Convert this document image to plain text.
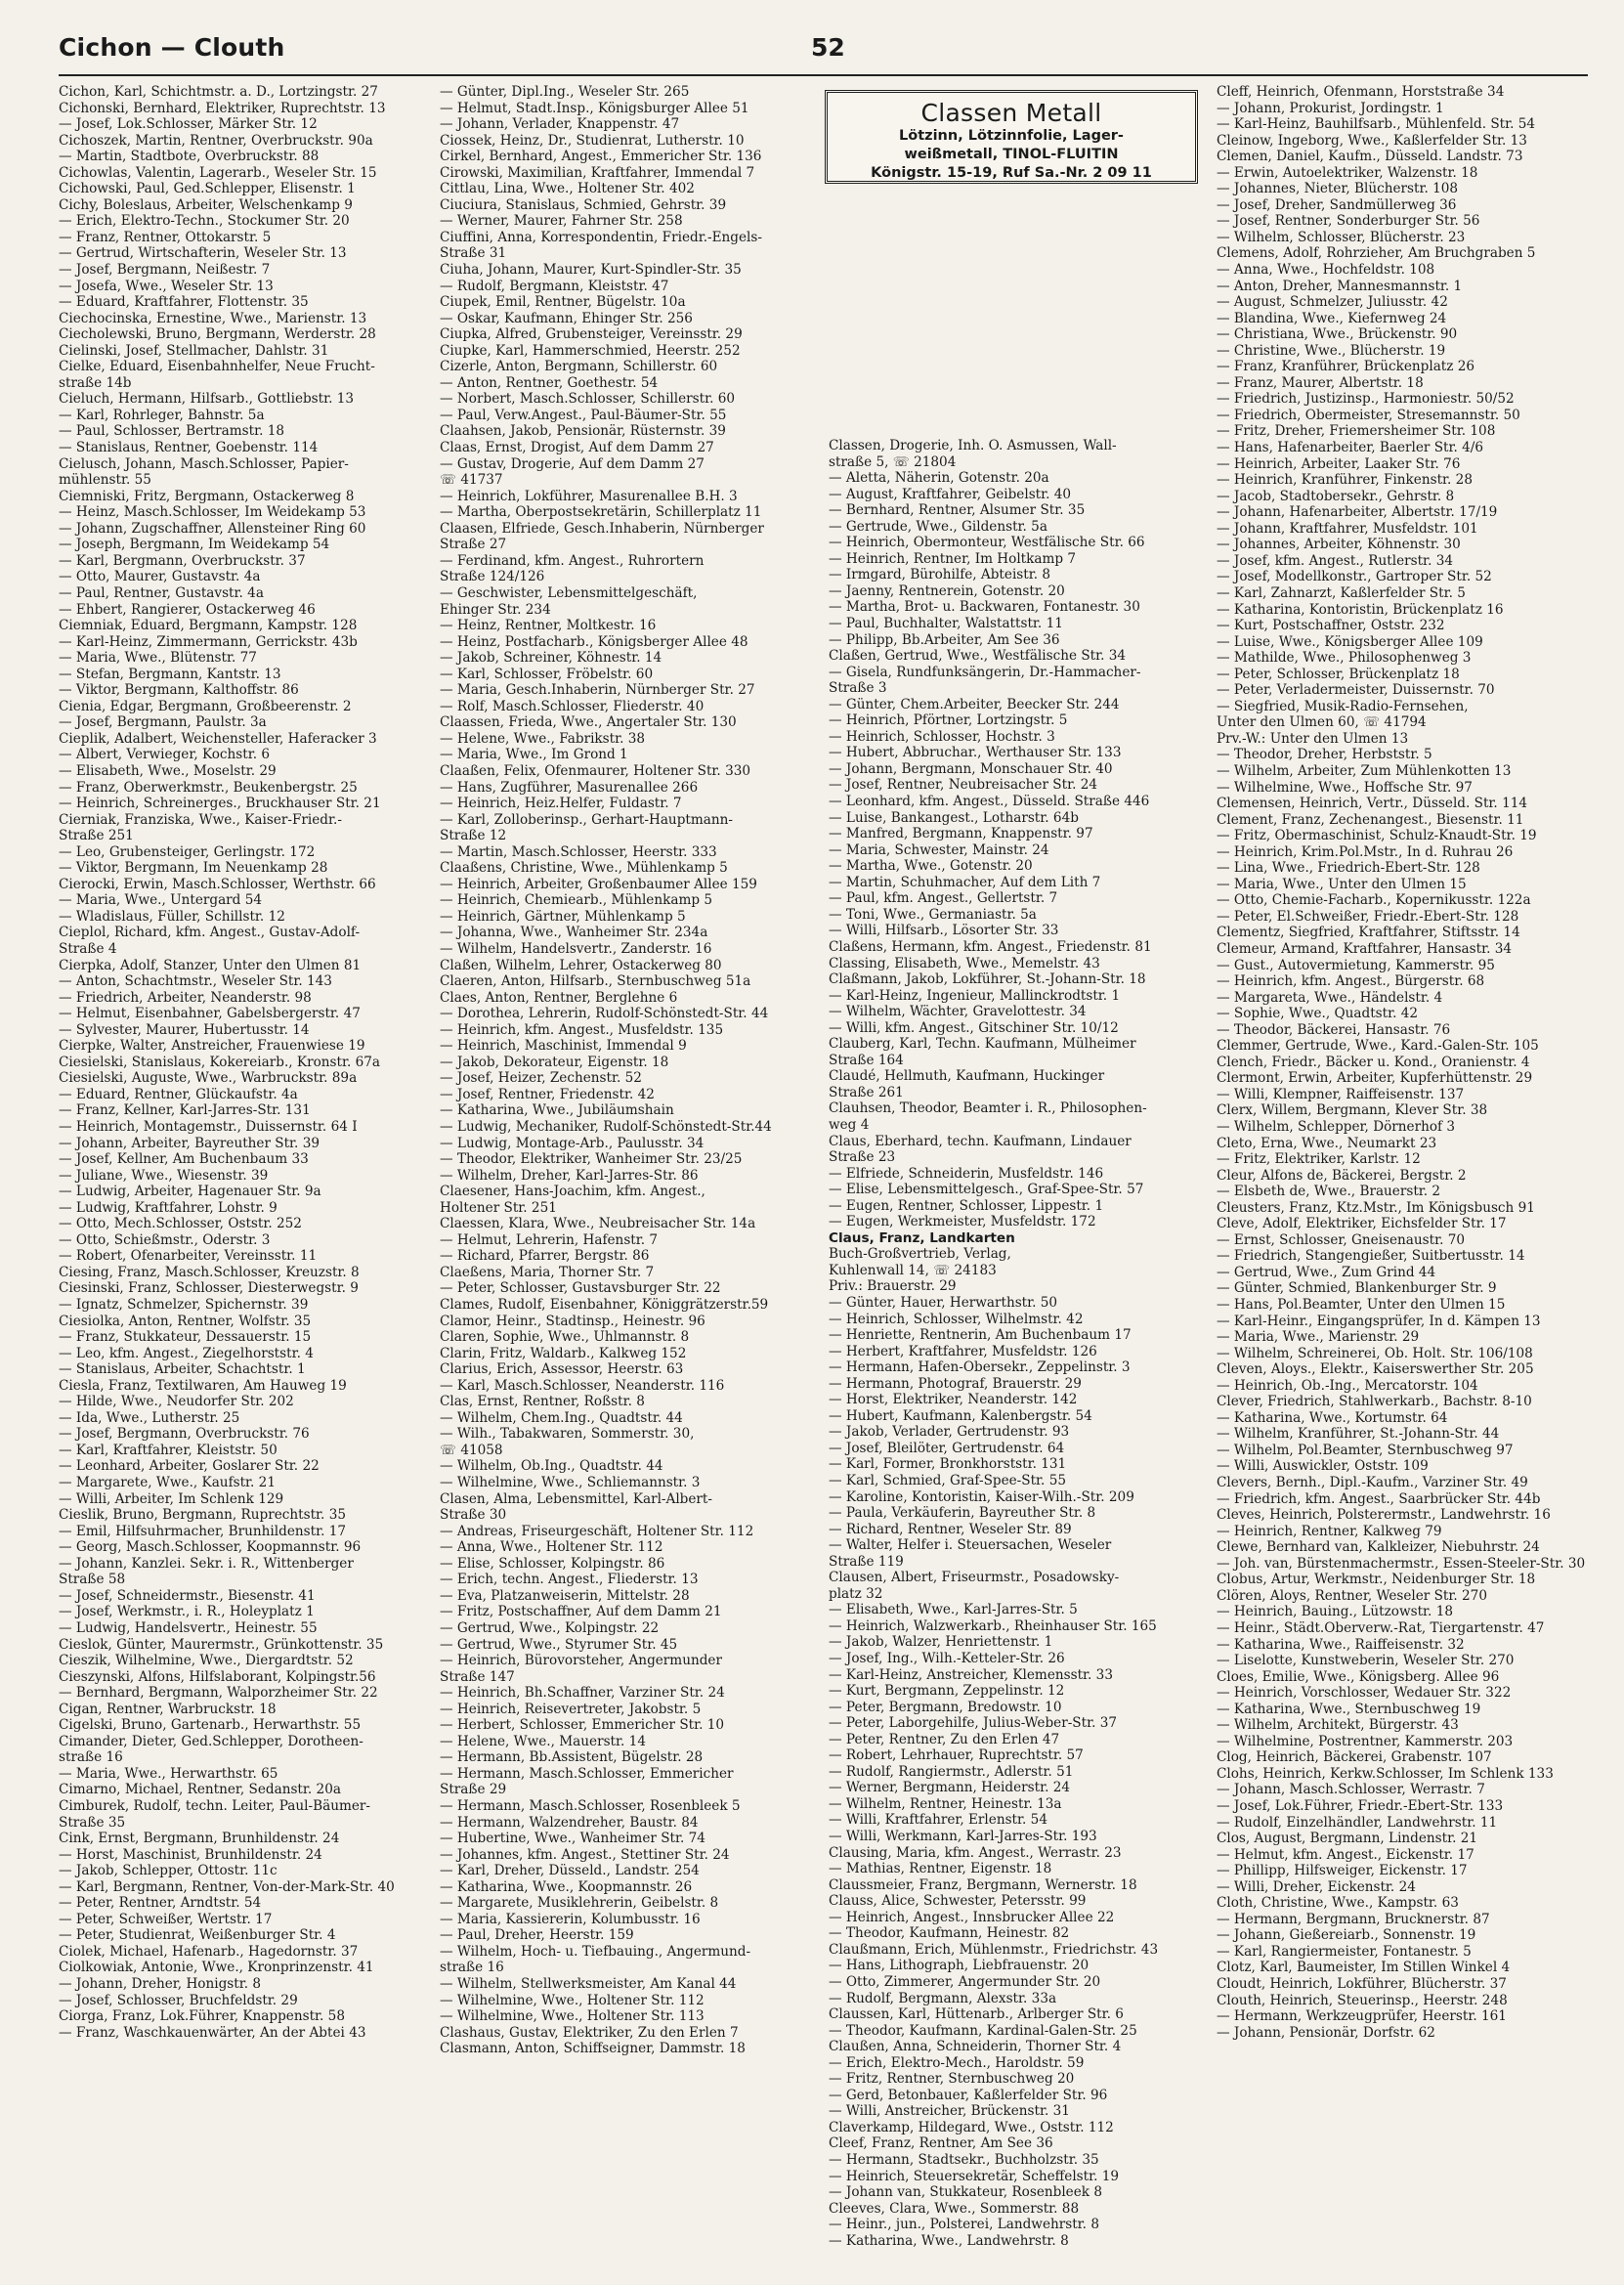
Cichon — Clouth	52
Cichon, Karl, Schichtmstr. a. D., Lortzingstr. 27
Cichonski, Bernhard, Elektriker, Ruprechtstr. 13
— Josef, Lok.Schlosser, Märker Str. 12
Cichoszek, Martin, Rentner, Overbruckstr. 90a
— Martin, Stadtbote, Overbruckstr. 88
Cichowlas, Valentin, Lagerarb., Weseler Str. 15
Cichowski, Paul, Ged.Schlepper, Elisenstr. 1
Cichy, Boleslaus, Arbeiter, Welschenkamp 9
— Erich, Elektro-Techn., Stockumer Str. 20
— Franz, Rentner, Ottokarstr. 5
— Gertrud, Wirtschafterin, Weseler Str. 13
— Josef, Bergmann, Neißestr. 7
— Josefa, Wwe., Weseler Str. 13
— Eduard, Kraftfahrer, Flottenstr. 35
Ciechocinska, Ernestine, Wwe., Marienstr. 13
Ciecholewski, Bruno, Bergmann, Werderstr. 28
Cielinski, Josef, Stellmacher, Dahlstr. 31
Cielke, Eduard, Eisenbahnhelfer, Neue Frucht-
straße 14b
Cieluch, Hermann, Hilfsarb., Gottliebstr. 13
— Karl, Rohrleger, Bahnstr. 5a
— Paul, Schlosser, Bertramstr. 18
— Stanislaus, Rentner, Goebenstr. 114
Cielusch, Johann, Masch.Schlosser, Papier-
mühlenstr. 55
Ciemniski, Fritz, Bergmann, Ostackerweg 8
— Heinz, Masch.Schlosser, Im Weidekamp 53
— Johann, Zugschaffner, Allensteiner Ring 60
— Joseph, Bergmann, Im Weidekamp 54
— Karl, Bergmann, Overbruckstr. 37
— Otto, Maurer, Gustavstr. 4a
— Paul, Rentner, Gustavstr. 4a
— Ehbert, Rangierer, Ostackerweg 46
Ciemniak, Eduard, Bergmann, Kampstr. 128
— Karl-Heinz, Zimmermann, Gerrickstr. 43b
— Maria, Wwe., Blütenstr. 77
— Stefan, Bergmann, Kantstr. 13
— Viktor, Bergmann, Kalthoffstr. 86
Cienia, Edgar, Bergmann, Großbeerenstr. 2
— Josef, Bergmann, Paulstr. 3a
Cieplik, Adalbert, Weichensteller, Haferacker 3
— Albert, Verwieger, Kochstr. 6
— Elisabeth, Wwe., Moselstr. 29
— Franz, Oberwerkmstr., Beukenbergstr. 25
— Heinrich, Schreinerges., Bruckhauser Str. 21
Cierniak, Franziska, Wwe., Kaiser-Friedr.-
Straße 251
— Leo, Grubensteiger, Gerlingstr. 172
— Viktor, Bergmann, Im Neuenkamp 28
Cierocki, Erwin, Masch.Schlosser, Werthstr. 66
— Maria, Wwe., Untergard 54
— Wladislaus, Füller, Schillstr. 12
Cieplol, Richard, kfm. Angest., Gustav-Adolf-
Straße 4
Cierpka, Adolf, Stanzer, Unter den Ulmen 81
— Anton, Schachtmstr., Weseler Str. 143
— Friedrich, Arbeiter, Neanderstr. 98
— Helmut, Eisenbahner, Gabelsbergerstr. 47
— Sylvester, Maurer, Hubertusstr. 14
Cierpke, Walter, Anstreicher, Frauenwiese 19
Ciesielski, Stanislaus, Kokereiarb., Kronstr. 67a
Ciesielski, Auguste, Wwe., Warbruckstr. 89a
— Eduard, Rentner, Glückaufstr. 4a
— Franz, Kellner, Karl-Jarres-Str. 131
— Heinrich, Montagemstr., Duissernstr. 64 I
— Johann, Arbeiter, Bayreuther Str. 39
— Josef, Kellner, Am Buchenbaum 33
— Juliane, Wwe., Wiesenstr. 39
— Ludwig, Arbeiter, Hagenauer Str. 9a
— Ludwig, Kraftfahrer, Lohstr. 9
— Otto, Mech.Schlosser, Oststr. 252
— Otto, Schießmstr., Oderstr. 3
— Robert, Ofenarbeiter, Vereinsstr. 11
Ciesing, Franz, Masch.Schlosser, Kreuzstr. 8
Ciesinski, Franz, Schlosser, Diesterwegstr. 9
— Ignatz, Schmelzer, Spichernstr. 39
Ciesiolka, Anton, Rentner, Wolfstr. 35
— Franz, Stukkateur, Dessauerstr. 15
— Leo, kfm. Angest., Ziegelhorststr. 4
— Stanislaus, Arbeiter, Schachtstr. 1
Ciesla, Franz, Textilwaren, Am Hauweg 19
— Hilde, Wwe., Neudorfer Str. 202
— Ida, Wwe., Lutherstr. 25
— Josef, Bergmann, Overbruckstr. 76
— Karl, Kraftfahrer, Kleiststr. 50
— Leonhard, Arbeiter, Goslarer Str. 22
— Margarete, Wwe., Kaufstr. 21
— Willi, Arbeiter, Im Schlenk 129
Cieslik, Bruno, Bergmann, Ruprechtstr. 35
— Emil, Hilfsuhrmacher, Brunhildenstr. 17
— Georg, Masch.Schlosser, Koopmannstr. 96
— Johann, Kanzlei. Sekr. i. R., Wittenberger
Straße 58
— Josef, Schneidermstr., Biesenstr. 41
— Josef, Werkmstr., i. R., Holeyplatz 1
— Ludwig, Handelsvertr., Heinestr. 55
Cieslok, Günter, Maurermstr., Grünkottenstr. 35
Cieszik, Wilhelmine, Wwe., Diergardtstr. 52
Cieszynski, Alfons, Hilfslaborant, Kolpingstr.56
— Bernhard, Bergmann, Walporzheimer Str. 22
Cigan, Rentner, Warbruckstr. 18
Cigelski, Bruno, Gartenarb., Herwarthstr. 55
Cimander, Dieter, Ged.Schlepper, Dorotheen-
straße 16
— Maria, Wwe., Herwarthstr. 65
Cimarno, Michael, Rentner, Sedanstr. 20a
Cimburek, Rudolf, techn. Leiter, Paul-Bäumer-
Straße 35
Cink, Ernst, Bergmann, Brunhildenstr. 24
— Horst, Maschinist, Brunhildenstr. 24
— Jakob, Schlepper, Ottostr. 11c
— Karl, Bergmann, Rentner, Von-der-Mark-Str. 40
— Peter, Rentner, Arndtstr. 54
— Peter, Schweißer, Wertstr. 17
— Peter, Studienrat, Weißenburger Str. 4
Ciolek, Michael, Hafenarb., Hagedornstr. 37
Ciolkowiak, Antonie, Wwe., Kronprinzenstr. 41
— Johann, Dreher, Honigstr. 8
— Josef, Schlosser, Bruchfeldstr. 29
Ciorga, Franz, Lok.Führer, Knappenstr. 58
— Franz, Waschkauenwärter, An der Abtei 43
— Günter, Dipl.Ing., Weseler Str. 265
— Helmut, Stadt.Insp., Königsburger Allee 51
— Johann, Verlader, Knappenstr. 47
Ciossek, Heinz, Dr., Studienrat, Lutherstr. 10
Cirkel, Bernhard, Angest., Emmericher Str. 136
Cirowski, Maximilian, Kraftfahrer, Immendal 7
Cittlau, Lina, Wwe., Holtener Str. 402
Ciuciura, Stanislaus, Schmied, Gehrstr. 39
— Werner, Maurer, Fahrner Str. 258
Ciuffini, Anna, Korrespondentin, Friedr.-Engels-
Straße 31
Ciuha, Johann, Maurer, Kurt-Spindler-Str. 35
— Rudolf, Bergmann, Kleiststr. 47
Ciupek, Emil, Rentner, Bügelstr. 10a
— Oskar, Kaufmann, Ehinger Str. 256
Ciupka, Alfred, Grubensteiger, Vereinsstr. 29
Ciupke, Karl, Hammerschmied, Heerstr. 252
Cizerle, Anton, Bergmann, Schillerstr. 60
— Anton, Rentner, Goethestr. 54
— Norbert, Masch.Schlosser, Schillerstr. 60
— Paul, Verw.Angest., Paul-Bäumer-Str. 55
Claahsen, Jakob, Pensionär, Rüsternstr. 39
Claas, Ernst, Drogist, Auf dem Damm 27
— Gustav, Drogerie, Auf dem Damm 27
☏ 41737
— Heinrich, Lokführer, Masurenallee B.H. 3
— Martha, Oberpostsekretärin, Schillerplatz 11
Claasen, Elfriede, Gesch.Inhaberin, Nürnberger
Straße 27
— Ferdinand, kfm. Angest., Ruhrortern
Straße 124/126
— Geschwister, Lebensmittelgeschäft,
Ehinger Str. 234
— Heinz, Rentner, Moltkestr. 16
— Heinz, Postfacharb., Königsberger Allee 48
— Jakob, Schreiner, Köhnestr. 14
— Karl, Schlosser, Fröbelstr. 60
— Maria, Gesch.Inhaberin, Nürnberger Str. 27
— Rolf, Masch.Schlosser, Fliederstr. 40
Claassen, Frieda, Wwe., Angertaler Str. 130
— Helene, Wwe., Fabrikstr. 38
— Maria, Wwe., Im Grond 1
Claaßen, Felix, Ofenmaurer, Holtener Str. 330
— Hans, Zugführer, Masurenallee 266
— Heinrich, Heiz.Helfer, Fuldastr. 7
— Karl, Zolloberinsp., Gerhart-Hauptmann-
Straße 12
— Martin, Masch.Schlosser, Heerstr. 333
Claaßens, Christine, Wwe., Mühlenkamp 5
— Heinrich, Arbeiter, Großenbaumer Allee 159
— Heinrich, Chemiearb., Mühlenkamp 5
— Heinrich, Gärtner, Mühlenkamp 5
— Johanna, Wwe., Wanheimer Str. 234a
— Wilhelm, Handelsvertr., Zanderstr. 16
Claßen, Wilhelm, Lehrer, Ostackerweg 80
Claeren, Anton, Hilfsarb., Sternbuschweg 51a
Claes, Anton, Rentner, Berglehne 6
— Dorothea, Lehrerin, Rudolf-Schönstedt-Str. 44
— Heinrich, kfm. Angest., Musfeldstr. 135
— Heinrich, Maschinist, Immendal 9
— Jakob, Dekorateur, Eigenstr. 18
— Josef, Heizer, Zechenstr. 52
— Josef, Rentner, Friedenstr. 42
— Katharina, Wwe., Jubiläumshain
— Ludwig, Mechaniker, Rudolf-Schönstedt-Str.44
— Ludwig, Montage-Arb., Paulusstr. 34
— Theodor, Elektriker, Wanheimer Str. 23/25
— Wilhelm, Dreher, Karl-Jarres-Str. 86
Claesener, Hans-Joachim, kfm. Angest.,
Holtener Str. 251
Claessen, Klara, Wwe., Neubreisacher Str. 14a
— Helmut, Lehrerin, Hafenstr. 7
— Richard, Pfarrer, Bergstr. 86
Claeßens, Maria, Thorner Str. 7
— Peter, Schlosser, Gustavsburger Str. 22
Clames, Rudolf, Eisenbahner, Königgrätzerstr.59
Clamor, Heinr., Stadtinsp., Heinestr. 96
Claren, Sophie, Wwe., Uhlmannstr. 8
Clarin, Fritz, Waldarb., Kalkweg 152
Clarius, Erich, Assessor, Heerstr. 63
— Karl, Masch.Schlosser, Neanderstr. 116
Clas, Ernst, Rentner, Roßstr. 8
— Wilhelm, Chem.Ing., Quadtstr. 44
— Wilh., Tabakwaren, Sommerstr. 30,
☏ 41058
— Wilhelm, Ob.Ing., Quadtstr. 44
— Wilhelmine, Wwe., Schliemannstr. 3
Clasen, Alma, Lebensmittel, Karl-Albert-
Straße 30
— Andreas, Friseurgeschäft, Holtener Str. 112
— Anna, Wwe., Holtener Str. 112
— Elise, Schlosser, Kolpingstr. 86
— Erich, techn. Angest., Fliederstr. 13
— Eva, Platzanweiserin, Mittelstr. 28
— Fritz, Postschaffner, Auf dem Damm 21
— Gertrud, Wwe., Kolpingstr. 22
— Gertrud, Wwe., Styrumer Str. 45
— Heinrich, Bürovorsteher, Angermunder
Straße 147
— Heinrich, Bh.Schaffner, Varziner Str. 24
— Heinrich, Reisevertreter, Jakobstr. 5
— Herbert, Schlosser, Emmericher Str. 10
— Helene, Wwe., Mauerstr. 14
— Hermann, Bb.Assistent, Bügelstr. 28
— Hermann, Masch.Schlosser, Emmericher
Straße 29
— Hermann, Masch.Schlosser, Rosenbleek 5
— Hermann, Walzendreher, Baustr. 84
— Hubertine, Wwe., Wanheimer Str. 74
— Johannes, kfm. Angest., Stettiner Str. 24
— Karl, Dreher, Düsseld., Landstr. 254
— Katharina, Wwe., Koopmannstr. 26
— Margarete, Musiklehrerin, Geibelstr. 8
— Maria, Kassiererin, Kolumbusstr. 16
— Paul, Dreher, Heerstr. 159
— Wilhelm, Hoch- u. Tiefbauing., Angermund-
straße 16
— Wilhelm, Stellwerksmeister, Am Kanal 44
— Wilhelmine, Wwe., Holtener Str. 112
— Wilhelmine, Wwe., Holtener Str. 113
Clashaus, Gustav, Elektriker, Zu den Erlen 7
Clasmann, Anton, Schiffseigner, Dammstr. 18
Classen Metall
Lötzinn, Lötzinnfolie, Lager-
weißmetall, TINOL-FLUITIN
Königstr. 15-19, Ruf Sa.-Nr. 2 09 11
Classen, Drogerie, Inh. O. Asmussen, Wall-
straße 5, ☏ 21804
— Aletta, Näherin, Gotenstr. 20a
— August, Kraftfahrer, Geibelstr. 40
— Bernhard, Rentner, Alsumer Str. 35
— Gertrude, Wwe., Gildenstr. 5a
— Heinrich, Obermonteur, Westfälische Str. 66
— Heinrich, Rentner, Im Holtkamp 7
— Irmgard, Bürohilfe, Abteistr. 8
— Jaenny, Rentnerein, Gotenstr. 20
— Martha, Brot- u. Backwaren, Fontanestr. 30
— Paul, Buchhalter, Walstattstr. 11
— Philipp, Bb.Arbeiter, Am See 36
Claßen, Gertrud, Wwe., Westfälische Str. 34
— Gisela, Rundfunksängerin, Dr.-Hammacher-
Straße 3
— Günter, Chem.Arbeiter, Beecker Str. 244
— Heinrich, Pförtner, Lortzingstr. 5
— Heinrich, Schlosser, Hochstr. 3
— Hubert, Abbruchar., Werthauser Str. 133
— Johann, Bergmann, Monschauer Str. 40
— Josef, Rentner, Neubreisacher Str. 24
— Leonhard, kfm. Angest., Düsseld. Straße 446
— Luise, Bankangest., Lotharstr. 64b
— Manfred, Bergmann, Knappenstr. 97
— Maria, Schwester, Mainstr. 24
— Martha, Wwe., Gotenstr. 20
— Martin, Schuhmacher, Auf dem Lith 7
— Paul, kfm. Angest., Gellertstr. 7
— Toni, Wwe., Germaniastr. 5a
— Willi, Hilfsarb., Lösorter Str. 33
Claßens, Hermann, kfm. Angest., Friedenstr. 81
Classing, Elisabeth, Wwe., Memelstr. 43
Claßmann, Jakob, Lokführer, St.-Johann-Str. 18
— Karl-Heinz, Ingenieur, Mallinckrodtstr. 1
— Wilhelm, Wächter, Gravelottestr. 34
— Willi, kfm. Angest., Gitschiner Str. 10/12
Clauberg, Karl, Techn. Kaufmann, Mülheimer
Straße 164
Claudé, Hellmuth, Kaufmann, Huckinger
Straße 261
Clauhsen, Theodor, Beamter i. R., Philosophen-
weg 4
Claus, Eberhard, techn. Kaufmann, Lindauer
Straße 23
— Elfriede, Schneiderin, Musfeldstr. 146
— Elise, Lebensmittelgesch., Graf-Spee-Str. 57
— Eugen, Rentner, Schlosser, Lippestr. 1
— Eugen, Werkmeister, Musfeldstr. 172
Claus, Franz, Landkarten
Buch-Großvertrieb, Verlag,
Kuhlenwall 14, ☏ 24183
Priv.: Brauerstr. 29
— Günter, Hauer, Herwarthstr. 50
— Heinrich, Schlosser, Wilhelmstr. 42
— Henriette, Rentnerin, Am Buchenbaum 17
— Herbert, Kraftfahrer, Musfeldstr. 126
— Hermann, Hafen-Obersekr., Zeppelinstr. 3
— Hermann, Photograf, Brauerstr. 29
— Horst, Elektriker, Neanderstr. 142
— Hubert, Kaufmann, Kalenbergstr. 54
— Jakob, Verlader, Gertrudenstr. 93
— Josef, Bleilöter, Gertrudenstr. 64
— Karl, Former, Bronkhorststr. 131
— Karl, Schmied, Graf-Spee-Str. 55
— Karoline, Kontoristin, Kaiser-Wilh.-Str. 209
— Paula, Verkäuferin, Bayreuther Str. 8
— Richard, Rentner, Weseler Str. 89
— Walter, Helfer i. Steuersachen, Weseler
Straße 119
Clausen, Albert, Friseurmstr., Posadowsky-
platz 32
— Elisabeth, Wwe., Karl-Jarres-Str. 5
— Heinrich, Walzwerkarb., Rheinhauser Str. 165
— Jakob, Walzer, Henriettenstr. 1
— Josef, Ing., Wilh.-Ketteler-Str. 26
— Karl-Heinz, Anstreicher, Klemensstr. 33
— Kurt, Bergmann, Zeppelinstr. 12
— Peter, Bergmann, Bredowstr. 10
— Peter, Laborgehilfe, Julius-Weber-Str. 37
— Peter, Rentner, Zu den Erlen 47
— Robert, Lehrhauer, Ruprechtstr. 57
— Rudolf, Rangiermstr., Adlerstr. 51
— Werner, Bergmann, Heiderstr. 24
— Wilhelm, Rentner, Heinestr. 13a
— Willi, Kraftfahrer, Erlenstr. 54
— Willi, Werkmann, Karl-Jarres-Str. 193
Clausing, Maria, kfm. Angest., Werrastr. 23
— Mathias, Rentner, Eigenstr. 18
Claussmeier, Franz, Bergmann, Wernerstr. 18
Clauss, Alice, Schwester, Petersstr. 99
— Heinrich, Angest., Innsbrucker Allee 22
— Theodor, Kaufmann, Heinestr. 82
Claußmann, Erich, Mühlenmstr., Friedrichstr. 43
— Hans, Lithograph, Liebfrauenstr. 20
— Otto, Zimmerer, Angermunder Str. 20
— Rudolf, Bergmann, Alexstr. 33a
Claussen, Karl, Hüttenarb., Arlberger Str. 6
— Theodor, Kaufmann, Kardinal-Galen-Str. 25
Claußen, Anna, Schneiderin, Thorner Str. 4
— Erich, Elektro-Mech., Haroldstr. 59
— Fritz, Rentner, Sternbuschweg 20
— Gerd, Betonbauer, Kaßlerfelder Str. 96
— Willi, Anstreicher, Brückenstr. 31
Claverkamp, Hildegard, Wwe., Oststr. 112
Cleef, Franz, Rentner, Am See 36
— Hermann, Stadtsekr., Buchholzstr. 35
— Heinrich, Steuersekretär, Scheffelstr. 19
— Johann van, Stukkateur, Rosenbleek 8
Cleeves, Clara, Wwe., Sommerstr. 88
— Heinr., jun., Polsterei, Landwehrstr. 8
— Katharina, Wwe., Landwehrstr. 8
Cleff, Heinrich, Ofenmann, Horststraße 34
— Johann, Prokurist, Jordingstr. 1
— Karl-Heinz, Bauhilfsarb., Mühlenfeld. Str. 54
Cleinow, Ingeborg, Wwe., Kaßlerfelder Str. 13
Clemen, Daniel, Kaufm., Düsseld. Landstr. 73
— Erwin, Autoelektriker, Walzenstr. 18
— Johannes, Nieter, Blücherstr. 108
— Josef, Dreher, Sandmüllerweg 36
— Josef, Rentner, Sonderburger Str. 56
— Wilhelm, Schlosser, Blücherstr. 23
Clemens, Adolf, Rohrzieher, Am Bruchgraben 5
— Anna, Wwe., Hochfeldstr. 108
— Anton, Dreher, Mannesmannstr. 1
— August, Schmelzer, Juliusstr. 42
— Blandina, Wwe., Kiefernweg 24
— Christiana, Wwe., Brückenstr. 90
— Christine, Wwe., Blücherstr. 19
— Franz, Kranführer, Brückenplatz 26
— Franz, Maurer, Albertstr. 18
— Friedrich, Justizinsp., Harmoniestr. 50/52
— Friedrich, Obermeister, Stresemannstr. 50
— Fritz, Dreher, Friemersheimer Str. 108
— Hans, Hafenarbeiter, Baerler Str. 4/6
— Heinrich, Arbeiter, Laaker Str. 76
— Heinrich, Kranführer, Finkenstr. 28
— Jacob, Stadtobersekr., Gehrstr. 8
— Johann, Hafenarbeiter, Albertstr. 17/19
— Johann, Kraftfahrer, Musfeldstr. 101
— Johannes, Arbeiter, Köhnenstr. 30
— Josef, kfm. Angest., Rutlerstr. 34
— Josef, Modellkonstr., Gartroper Str. 52
— Karl, Zahnarzt, Kaßlerfelder Str. 5
— Katharina, Kontoristin, Brückenplatz 16
— Kurt, Postschaffner, Oststr. 232
— Luise, Wwe., Königsberger Allee 109
— Mathilde, Wwe., Philosophenweg 3
— Peter, Schlosser, Brückenplatz 18
— Peter, Verladermeister, Duissernstr. 70
— Siegfried, Musik-Radio-Fernsehen,
Unter den Ulmen 60, ☏ 41794
Prv.-W.: Unter den Ulmen 13
— Theodor, Dreher, Herbststr. 5
— Wilhelm, Arbeiter, Zum Mühlenkotten 13
— Wilhelmine, Wwe., Hoffsche Str. 97
Clemensen, Heinrich, Vertr., Düsseld. Str. 114
Clement, Franz, Zechenangest., Biesenstr. 11
— Fritz, Obermaschinist, Schulz-Knaudt-Str. 19
— Heinrich, Krim.Pol.Mstr., In d. Ruhrau 26
— Lina, Wwe., Friedrich-Ebert-Str. 128
— Maria, Wwe., Unter den Ulmen 15
— Otto, Chemie-Facharb., Kopernikusstr. 122a
— Peter, El.Schweißer, Friedr.-Ebert-Str. 128
Clementz, Siegfried, Kraftfahrer, Stiftsstr. 14
Clemeur, Armand, Kraftfahrer, Hansastr. 34
— Gust., Autovermietung, Kammerstr. 95
— Heinrich, kfm. Angest., Bürgerstr. 68
— Margareta, Wwe., Händelstr. 4
— Sophie, Wwe., Quadtstr. 42
— Theodor, Bäckerei, Hansastr. 76
Clemmer, Gertrude, Wwe., Kard.-Galen-Str. 105
Clench, Friedr., Bäcker u. Kond., Oranienstr. 4
Clermont, Erwin, Arbeiter, Kupferhüttenstr. 29
— Willi, Klempner, Raiffeisenstr. 137
Clerx, Willem, Bergmann, Klever Str. 38
— Wilhelm, Schlepper, Dörnerhof 3
Cleto, Erna, Wwe., Neumarkt 23
— Fritz, Elektriker, Karlstr. 12
Cleur, Alfons de, Bäckerei, Bergstr. 2
— Elsbeth de, Wwe., Brauerstr. 2
Cleusters, Franz, Ktz.Mstr., Im Königsbusch 91
Cleve, Adolf, Elektriker, Eichsfelder Str. 17
— Ernst, Schlosser, Gneisenaustr. 70
— Friedrich, Stangengießer, Suitbertusstr. 14
— Gertrud, Wwe., Zum Grind 44
— Günter, Schmied, Blankenburger Str. 9
— Hans, Pol.Beamter, Unter den Ulmen 15
— Karl-Heinr., Eingangsprüfer, In d. Kämpen 13
— Maria, Wwe., Marienstr. 29
— Wilhelm, Schreinerei, Ob. Holt. Str. 106/108
Cleven, Aloys., Elektr., Kaiserswerther Str. 205
— Heinrich, Ob.-Ing., Mercatorstr. 104
Clever, Friedrich, Stahlwerkarb., Bachstr. 8-10
— Katharina, Wwe., Kortumstr. 64
— Wilhelm, Kranführer, St.-Johann-Str. 44
— Wilhelm, Pol.Beamter, Sternbuschweg 97
— Willi, Auswickler, Oststr. 109
Clevers, Bernh., Dipl.-Kaufm., Varziner Str. 49
— Friedrich, kfm. Angest., Saarbrücker Str. 44b
Cleves, Heinrich, Polsterermstr., Landwehrstr. 16
— Heinrich, Rentner, Kalkweg 79
Clewe, Bernhard van, Kalkleizer, Niebuhrstr. 24
— Joh. van, Bürstenmachermstr., Essen-Steeler-Str. 30
Clobus, Artur, Werkmstr., Neidenburger Str. 18
Clören, Aloys, Rentner, Weseler Str. 270
— Heinrich, Bauing., Lützowstr. 18
— Heinr., Städt.Oberverw.-Rat, Tiergartenstr. 47
— Katharina, Wwe., Raiffeisenstr. 32
— Liselotte, Kunstweberin, Weseler Str. 270
Cloes, Emilie, Wwe., Königsberg. Allee 96
— Heinrich, Vorschlosser, Wedauer Str. 322
— Katharina, Wwe., Sternbuschweg 19
— Wilhelm, Architekt, Bürgerstr. 43
— Wilhelmine, Postrentner, Kammerstr. 203
Clog, Heinrich, Bäckerei, Grabenstr. 107
Clohs, Heinrich, Kerkw.Schlosser, Im Schlenk 133
— Johann, Masch.Schlosser, Werrastr. 7
— Josef, Lok.Führer, Friedr.-Ebert-Str. 133
— Rudolf, Einzelhändler, Landwehrstr. 11
Clos, August, Bergmann, Lindenstr. 21
— Helmut, kfm. Angest., Eickenstr. 17
— Phillipp, Hilfsweiger, Eickenstr. 17
— Willi, Dreher, Eickenstr. 24
Cloth, Christine, Wwe., Kampstr. 63
— Hermann, Bergmann, Brucknerstr. 87
— Johann, Gießereiarb., Sonnenstr. 19
— Karl, Rangiermeister, Fontanestr. 5
Clotz, Karl, Baumeister, Im Stillen Winkel 4
Cloudt, Heinrich, Lokführer, Blücherstr. 37
Clouth, Heinrich, Steuerinsp., Heerstr. 248
— Hermann, Werkzeugprüfer, Heerstr. 161
— Johann, Pensionär, Dorfstr. 62
